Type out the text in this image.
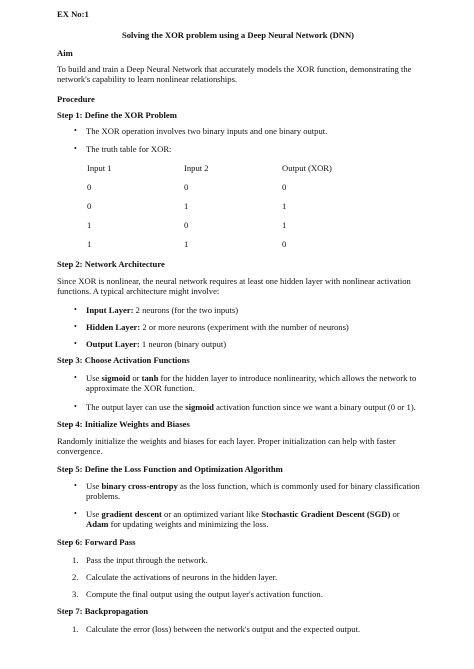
EX No:1

Solving the XOR problem using a Deep Neural Network (DNN)

Aim

To build and train a Deep Neural Network that accurately models the XOR function, demonstrating the network's capability to learn nonlinear relationships.

Procedure

Step 1: Define the XOR Problem

• The XOR operation involves two binary inputs and one binary output.

• The truth table for XOR:

Input 1	Input 2	Output (XOR)
0	0	0
0	1	1
1	0	1
1	1	0

Step 2: Network Architecture

Since XOR is nonlinear, the neural network requires at least one hidden layer with nonlinear activation functions. A typical architecture might involve:

• Input Layer: 2 neurons (for the two inputs)

• Hidden Layer: 2 or more neurons (experiment with the number of neurons)

• Output Layer: 1 neuron (binary output)

Step 3: Choose Activation Functions

• Use sigmoid or tanh for the hidden layer to introduce nonlinearity, which allows the network to approximate the XOR function.

• The output layer can use the sigmoid activation function since we want a binary output (0 or 1).

Step 4: Initialize Weights and Biases

Randomly initialize the weights and biases for each layer. Proper initialization can help with faster convergence.

Step 5: Define the Loss Function and Optimization Algorithm

• Use binary cross-entropy as the loss function, which is commonly used for binary classification problems.

• Use gradient descent or an optimized variant like Stochastic Gradient Descent (SGD) or Adam for updating weights and minimizing the loss.

Step 6: Forward Pass

1. Pass the input through the network.

2. Calculate the activations of neurons in the hidden layer.

3. Compute the final output using the output layer's activation function.

Step 7: Backpropagation

1. Calculate the error (loss) between the network's output and the expected output.
